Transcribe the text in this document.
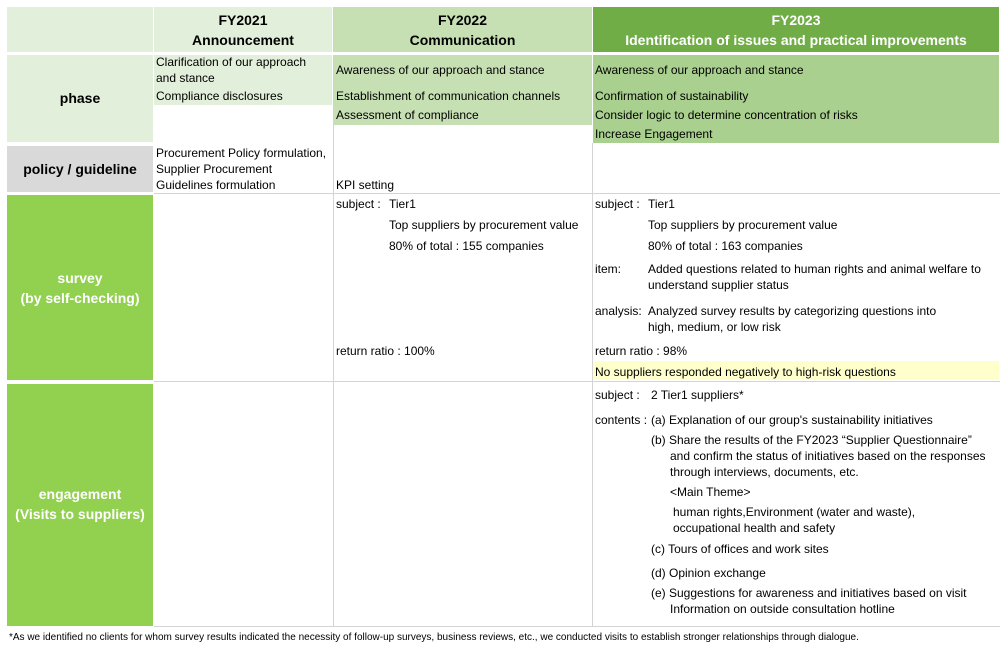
FY2021
Announcement
FY2022
Communication
FY2023
Identification of issues and practical improvements
phase
Clarification of our approach
and stance
Compliance disclosures
Awareness of our approach and stance
Establishment of communication channels
Assessment of compliance
Awareness of our approach and stance
Confirmation of sustainability
Consider logic to determine concentration of risks
Increase Engagement
policy / guideline
Procurement Policy formulation,
Supplier Procurement
Guidelines formulation	KPI setting
survey
(by self-checking)
subject : Tier1
Top suppliers by procurement value
80% of total : 155 companies
return ratio : 100%
subject : Tier1
Top suppliers by procurement value
80% of total : 163 companies
item: Added questions related to human rights and animal welfare to
understand supplier status
analysis: Analyzed survey results by categorizing questions into
high, medium, or low risk
return ratio : 98%
No suppliers responded negatively to high-risk questions
engagement
(Visits to suppliers)
subject : 2 Tier1 suppliers*
contents : (a) Explanation of our group's sustainability initiatives
(b) Share the results of the FY2023 “Supplier Questionnaire”
and confirm the status of initiatives based on the responses
through interviews, documents, etc.
<Main Theme>
human rights,Environment (water and waste),
occupational health and safety
(c) Tours of offices and work sites
(d) Opinion exchange
(e) Suggestions for awareness and initiatives based on visit
Information on outside consultation hotline
*As we identified no clients for whom survey results indicated the necessity of follow-up surveys, business reviews, etc., we conducted visits to establish stronger relationships through dialogue.
